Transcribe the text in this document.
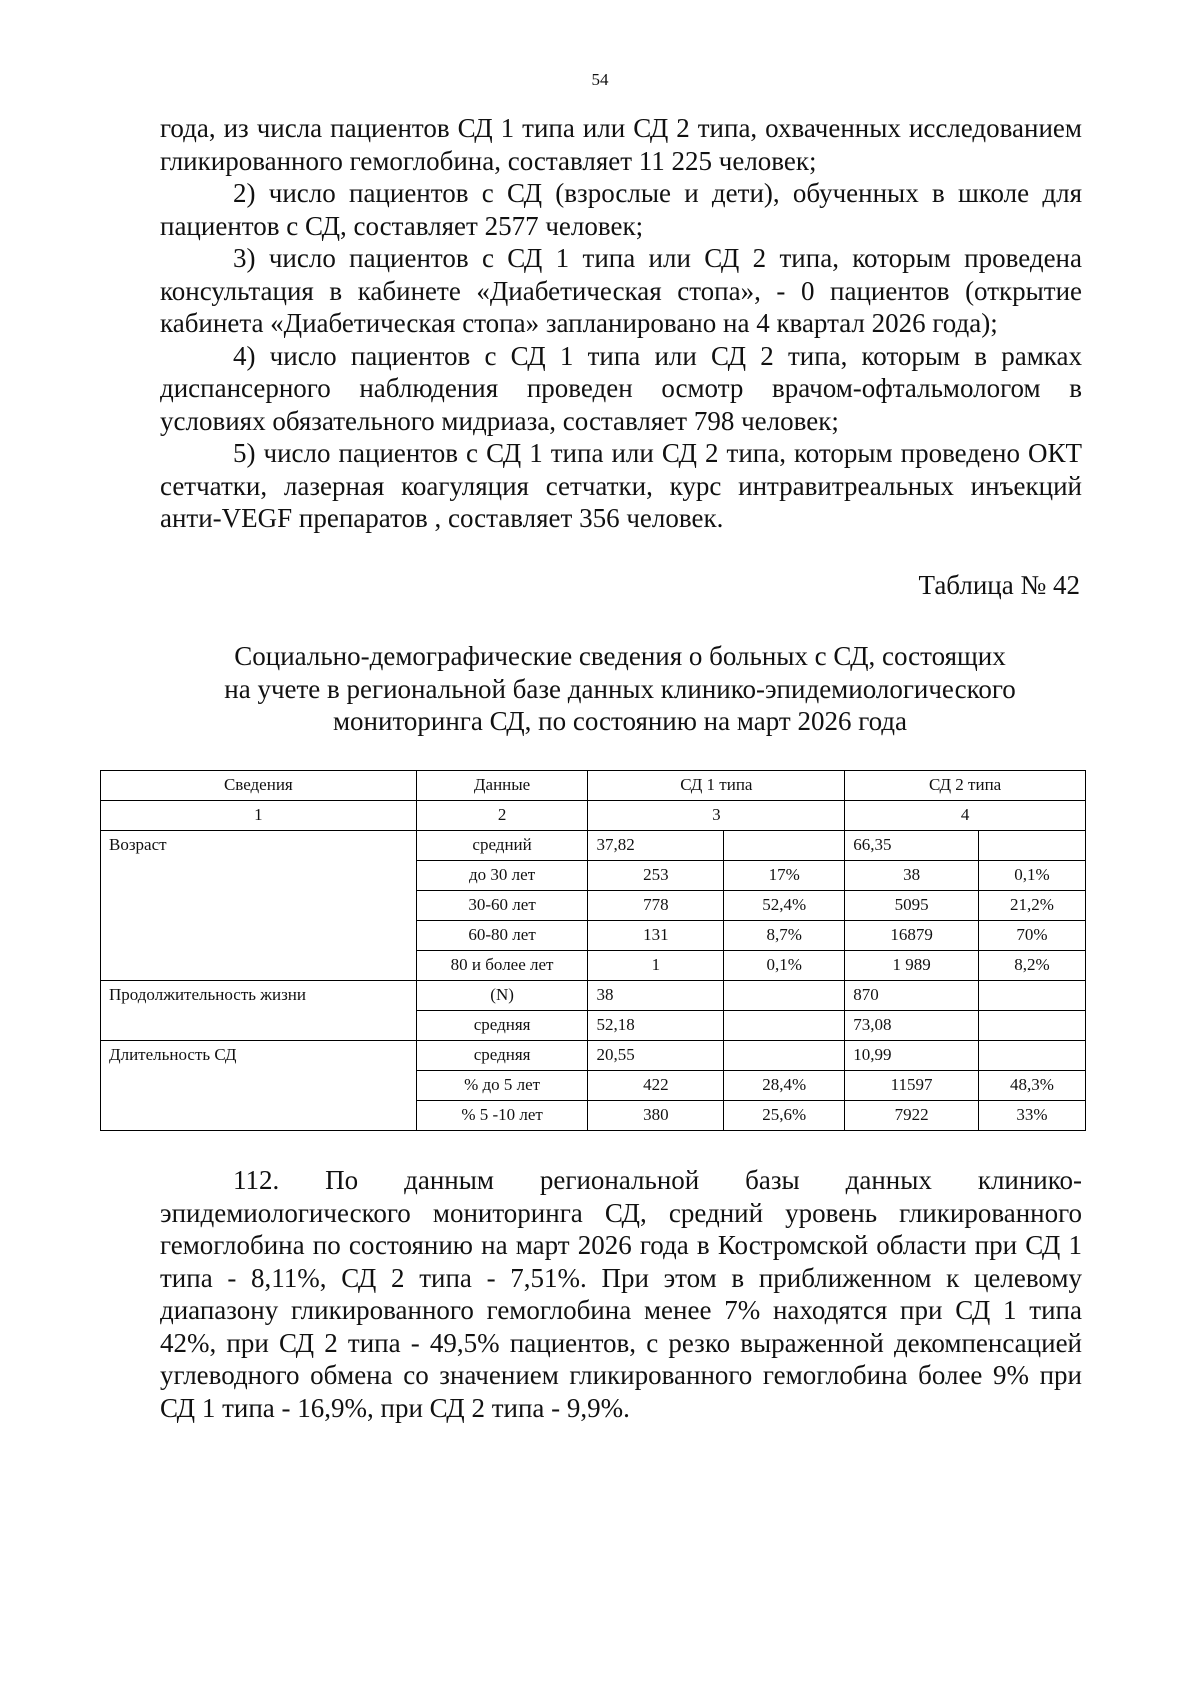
54

года, из числа пациентов СД 1 типа или СД 2 типа, охваченных исследованием гликированного гемоглобина, составляет 11 225 человек;

2) число пациентов с СД (взрослые и дети), обученных в школе для пациентов с СД, составляет 2577 человек;

3) число пациентов с СД 1 типа или СД 2 типа, которым проведена консультация в кабинете «Диабетическая стопа», - 0 пациентов (открытие кабинета «Диабетическая стопа» запланировано на 4 квартал 2026 года);

4) число пациентов с СД 1 типа или СД 2 типа, которым в рамках диспансерного наблюдения проведен осмотр врачом-офтальмологом в условиях обязательного мидриаза, составляет 798 человек;

5) число пациентов с СД 1 типа или СД 2 типа, которым проведено ОКТ сетчатки, лазерная коагуляция сетчатки, курс интравитреальных инъекций анти-VEGF препаратов , составляет 356 человек.

Таблица № 42
Социально-демографические сведения о больных с СД, состоящих
на учете в региональной базе данных клинико-эпидемиологического
мониторинга СД, по состоянию на март 2026 года
Сведения	Данные	СД 1 типа		СД 2 типа	
1	2	3		4	
Возраст	средний	37,82		66,35	
	до 30 лет	253	17%	38	0,1%
	30-60 лет	778	52,4%	5095	21,2%
	60-80 лет	131	8,7%	16879	70%
	80 и более лет	1	0,1%	1 989	8,2%
Продолжительность жизни	(N)	38		870	
	средняя	52,18		73,08	
Длительность СД	средняя	20,55		10,99	
	% до 5 лет	422	28,4%	11597	48,3%
	% 5 -10 лет	380	25,6%	7922	33%

112. По данным региональной базы данных клинико-эпидемиологического мониторинга СД, средний уровень гликированного гемоглобина по состоянию на март 2026 года в Костромской области при СД 1 типа - 8,11%, СД 2 типа - 7,51%. При этом в приближенном к целевому диапазону гликированного гемоглобина менее 7% находятся при СД 1 типа 42%, при СД 2 типа - 49,5% пациентов, с резко выраженной декомпенсацией углеводного обмена со значением гликированного гемоглобина более 9% при СД 1 типа - 16,9%, при СД 2 типа - 9,9%.
